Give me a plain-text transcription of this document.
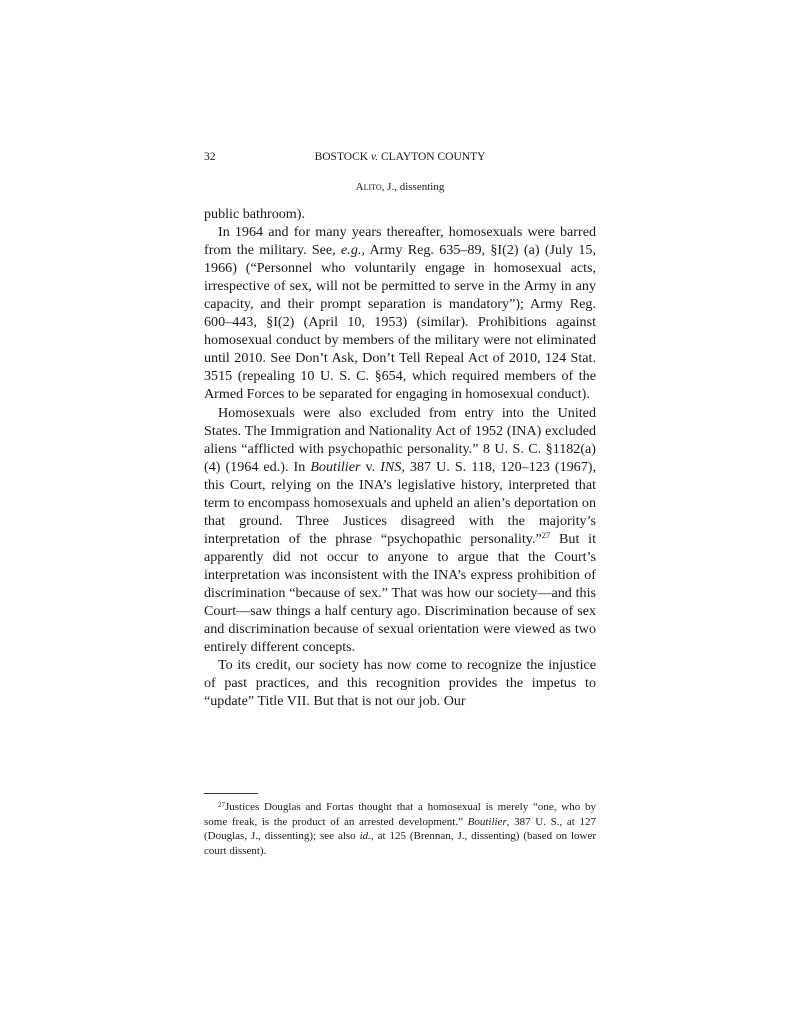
32	BOSTOCK v. CLAYTON COUNTY
Alito, J., dissenting

public bathroom).

In 1964 and for many years thereafter, homosexuals were barred from the military. See, e.g., Army Reg. 635–89, §I(2) (a) (July 15, 1966) (“Personnel who voluntarily engage in homosexual acts, irrespective of sex, will not be permitted to serve in the Army in any capacity, and their prompt separation is mandatory”); Army Reg. 600–443, §I(2) (April 10, 1953) (similar). Prohibitions against homosexual conduct by members of the military were not eliminated until 2010. See Don’t Ask, Don’t Tell Repeal Act of 2010, 124 Stat. 3515 (repealing 10 U. S. C. §654, which required members of the Armed Forces to be separated for engaging in homosexual conduct).

Homosexuals were also excluded from entry into the United States. The Immigration and Nationality Act of 1952 (INA) excluded aliens “afflicted with psychopathic personality.” 8 U. S. C. §1182(a)(4) (1964 ed.). In Boutilier v. INS, 387 U. S. 118, 120–123 (1967), this Court, relying on the INA’s legislative history, interpreted that term to encompass homosexuals and upheld an alien’s deportation on that ground. Three Justices disagreed with the majority’s interpretation of the phrase “psychopathic personality.”$^{27}$ But it apparently did not occur to anyone to argue that the Court’s interpretation was inconsistent with the INA’s express prohibition of discrimination “because of sex.” That was how our society—and this Court—saw things a half century ago. Discrimination because of sex and discrimination because of sexual orientation were viewed as two entirely different concepts.

To its credit, our society has now come to recognize the injustice of past practices, and this recognition provides the impetus to “update” Title VII. But that is not our job. Our

$^{27}$Justices Douglas and Fortas thought that a homosexual is merely “one, who by some freak, is the product of an arrested development.” Boutilier, 387 U. S., at 127 (Douglas, J., dissenting); see also id., at 125 (Brennan, J., dissenting) (based on lower court dissent).
